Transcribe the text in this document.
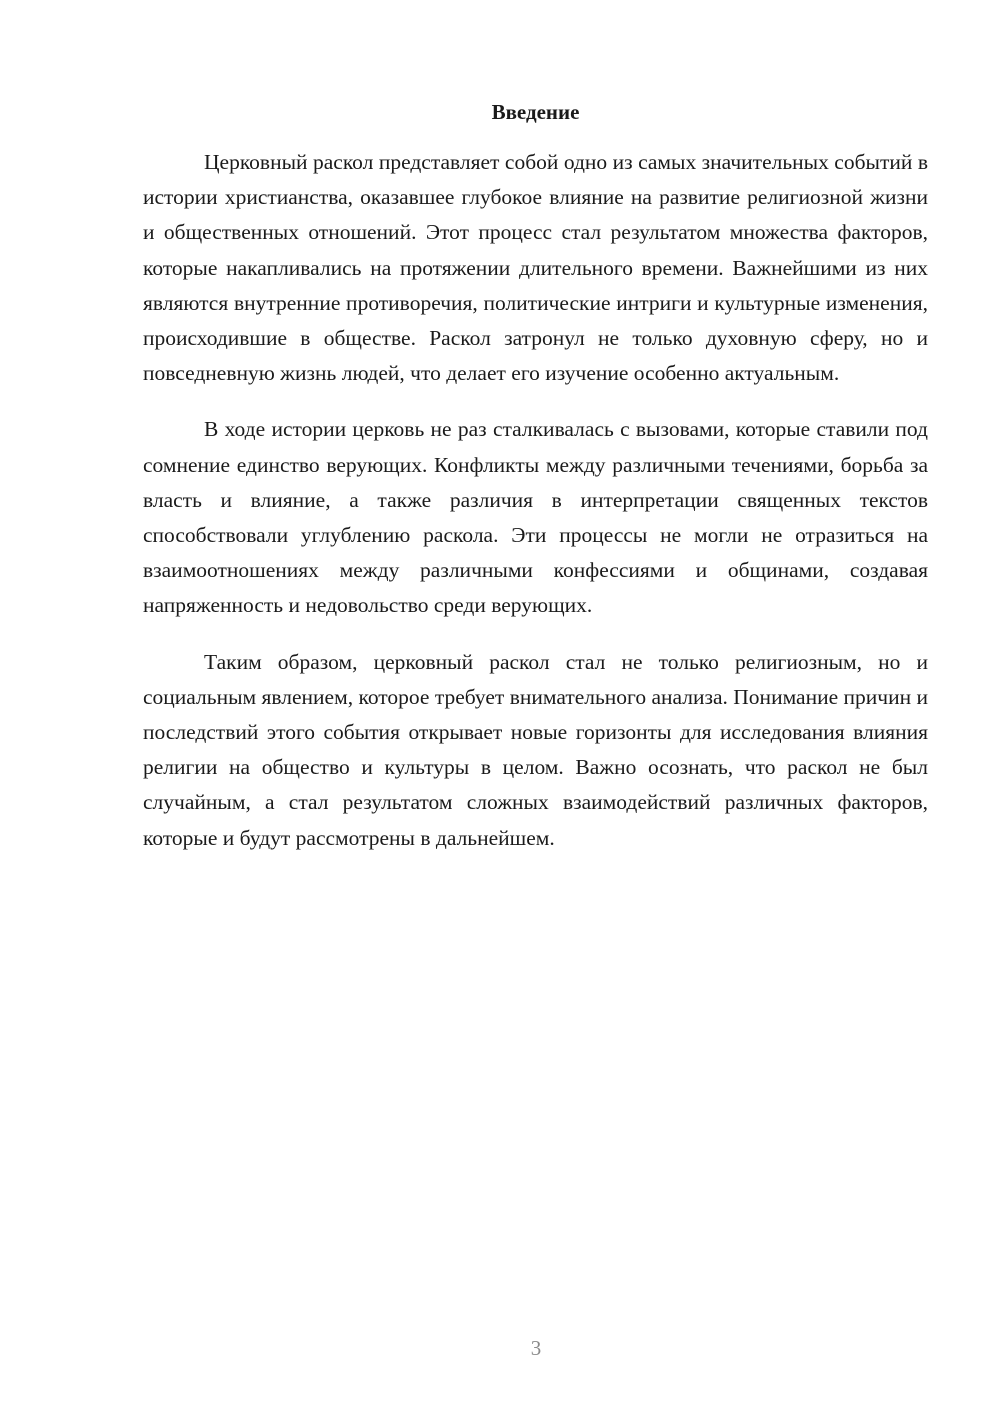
Введение

Церковный раскол представляет собой одно из самых значительных событий в истории христианства, оказавшее глубокое влияние на развитие религиозной жизни и общественных отношений. Этот процесс стал результатом множества факторов, которые накапливались на протяжении длительного времени. Важнейшими из них являются внутренние противоречия, политические интриги и культурные изменения, происходившие в обществе. Раскол затронул не только духовную сферу, но и повседневную жизнь людей, что делает его изучение особенно актуальным.

В ходе истории церковь не раз сталкивалась с вызовами, которые ставили под сомнение единство верующих. Конфликты между различными течениями, борьба за власть и влияние, а также различия в интерпретации священных текстов способствовали углублению раскола. Эти процессы не могли не отразиться на взаимоотношениях между различными конфессиями и общинами, создавая напряженность и недовольство среди верующих.

Таким образом, церковный раскол стал не только религиозным, но и социальным явлением, которое требует внимательного анализа. Понимание причин и последствий этого события открывает новые горизонты для исследования влияния религии на общество и культуры в целом. Важно осознать, что раскол не был случайным, а стал результатом сложных взаимодействий различных факторов, которые и будут рассмотрены в дальнейшем.

3
